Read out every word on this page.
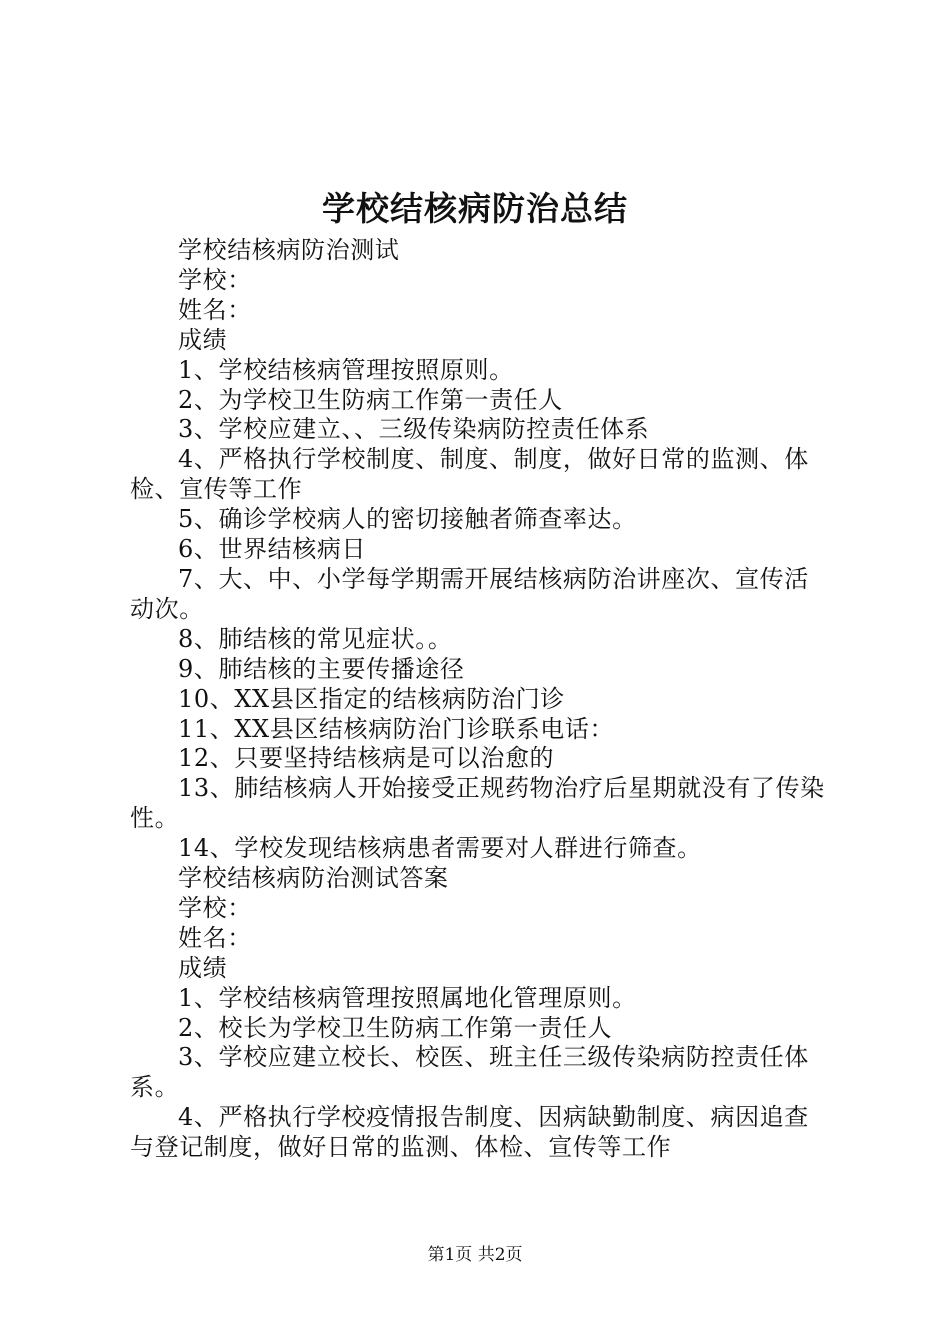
学校结核病防治总结

学校结核病防治测试

学校：

姓名：

成绩

1、学校结核病管理按照原则。

2、为学校卫生防病工作第一责任人

3、学校应建立、、三级传染病防控责任体系

4、严格执行学校制度、制度、制度，做好日常的监测、体检、宣传等工作

5、确诊学校病人的密切接触者筛查率达。

6、世界结核病日

7、大、中、小学每学期需开展结核病防治讲座次、宣传活动次。

8、肺结核的常见症状。。

9、肺结核的主要传播途径

10、XX县区指定的结核病防治门诊

11、XX县区结核病防治门诊联系电话：

12、只要坚持结核病是可以治愈的

13、肺结核病人开始接受正规药物治疗后星期就没有了传染性。

14、学校发现结核病患者需要对人群进行筛查。

学校结核病防治测试答案

学校：

姓名：

成绩

1、学校结核病管理按照属地化管理原则。

2、校长为学校卫生防病工作第一责任人

3、学校应建立校长、校医、班主任三级传染病防控责任体系。

4、严格执行学校疫情报告制度、因病缺勤制度、病因追查与登记制度，做好日常的监测、体检、宣传等工作

第1页 共2页
